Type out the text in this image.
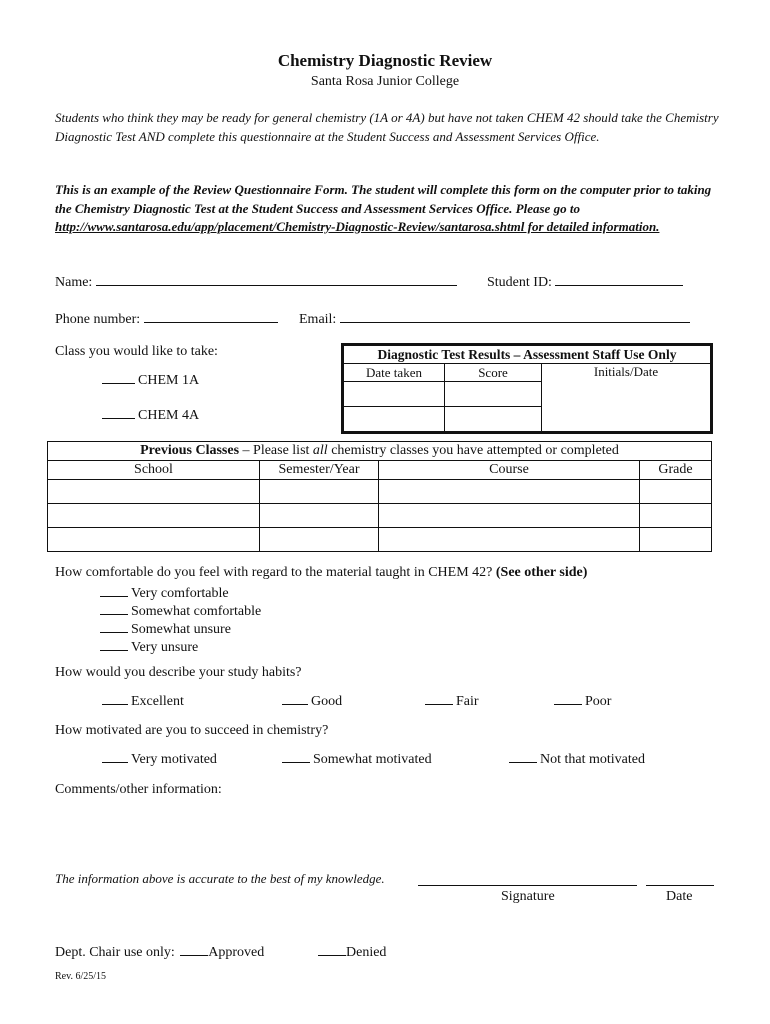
Chemistry Diagnostic Review
Santa Rosa Junior College
Students who think they may be ready for general chemistry (1A or 4A) but have not taken CHEM 42 should take the Chemistry Diagnostic Test AND complete this questionnaire at the Student Success and Assessment Services Office.
This is an example of the Review Questionnaire Form. The student will complete this form on the computer prior to taking the Chemistry Diagnostic Test at the Student Success and Assessment Services Office. Please go to http://www.santarosa.edu/app/placement/Chemistry-Diagnostic-Review/santarosa.shtml for detailed information.
Name:	Student ID:
Phone number:	Email:
Class you would like to take:
CHEM 1A
CHEM 4A
Diagnostic Test Results – Assessment Staff Use Only		
Date taken	Score	Initials/Date

Previous Classes – Please list all chemistry classes you have attempted or completed			
School	Semester/Year	Course	Grade

How comfortable do you feel with regard to the material taught in CHEM 42? (See other side)
Very comfortable
Somewhat comfortable
Somewhat unsure
Very unsure
How would you describe your study habits?
Excellent	Good	Fair	Poor
How motivated are you to succeed in chemistry?
Very motivated	Somewhat motivated	Not that motivated
Comments/other information:
The information above is accurate to the best of my knowledge.
Signature	Date
Dept. Chair use only: Approved	Denied
Rev. 6/25/15
